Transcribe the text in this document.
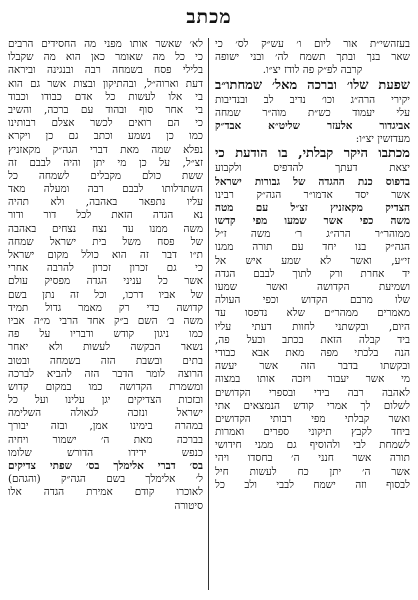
מכתב
בעזהשי״ת אור ליום ו׳ עש״ק לס׳ כי
שאר בנך ובתך תשמח לה׳ ובני ישופה
קרבה לפ״ק פה לודז יצ״ו.
שפעת שלו׳ וברכה מאל׳ שמחתו״ב
יקירי הרה״ג וכו׳ נדיב לב ובנדיבות
עלי יעמוד כש״ת מוה״ר שמחה
אביגדור אלעזר שליט״א אבד״ק
מעדזשין יצ״ו:
מכתבו היקר קבלתי, בו הודעת כי
יצאת דעתך להדפיס ולקבוע
בדפוס כנת ההגדה של גבורות ישראל
אשר יסד אדמו״ר הגה״ק רבינו
הצדיק מקאזניץ זצ״ל עם מטה
משה כפי אשר שמעו מפי קדשו
ממוהר״ר הרה״ג ר׳ משה ז״ל
הגה״ק בנו יחד עם תורה ממנו
זי״ע, ואשר לא שמע איש אל
יד אחרת ורק לתוך לבבם הגדה
ושמיעת הקדושה ואשר שמעו
שלו מרבם הקדוש וכפי העולה
מאמרים ממהר״ם שלא נדפסו עד
היום, ובקשתני לחוות דעתי עליו
ביד קבלה הזאת בכתב ובעל פה,
הנה בלכתי מפה מאת אבא כבודי
ובקשתו בדבר הזה אשר יעשה
מי אשר יעבור ויזכה אותו במצוה
לאהבה רבה בידי ובספרי הקדושים
לשלום לך אמרי קודש הנמצאים אתי
ואשר קבלתי מפי רבותי הקדושים
ביחד לקבץ תיקוני ספרים ואמרות
לשמחת לבי ולהוסיף גם ממני חידושי
תורה אשר חנני ה׳ בחסדו ויהי
אשר ה׳ יתן כח לעשות חיל
לבסוף וזה ישמח לבבי ולב כל
לא׳ שאשר אותו מפני מה החסידים הרבים
כי כל מה שאומר כאן הוא מה שקבלו
בלילי פסח בשמחה רבה ובנגינה וביראה
דעת וארוה״ל, ובהתיקון ובצות אשר גם הוא
בי אלו לעשות כל אדם כבודו וכבוד
בי אחר סוף ובהוד עם ברכה, והשיב
כי הם רואים לכשר אצלם רבותינו
כמו כן נשמע וכתב גם כן ויקרא
נפלא שמה מאת דברי הגה״ק מקאזניץ
זצ״ל, על כן מי יתן והיה לבבם זה
ששת כולם מקבלים לשמחה כל
השתדלותו לבבם רבה ומעלה מאד
עליו נתפאר באהבה, ולא תהיה
נא הגדה הזאת לכל דור ודור
משה ממנו עד נצח נצחים באהבה
של פסח משל בית ישראל שמחה
ת״ו דבר זה הוא כולל מקום ישראל
כי גם זכרון זכרון להרבה אחרי
אשר כל עניני הגדה מפסיק עולם
של אביו דרכו, וכל זה נתן בשם
קדושה כדי רק מאמר גדול תמיד
משה ב׳ השם ב״ק אחד הרבי מ״ה אביו
כמו ניגון קודש ודבריו על פה
נשאר הבקשה לעשות ולא יאחר
בתים ובשבת הזה בשמחה ובטוב
הרוצה לומר הדבר הזה להביא לברכה
ומשמרת הקדושה כמו במקום קדוש
ובזכות הצדיקים יגן עלינו ועל כל
ישראל ונזכה לגאולה השלימה
במהרה בימינו אמן, ובזה יבורך
בברכה מאת ה׳ ישמור ויחיה
כנפש ידידו הדורש שלומו
בס׳ דברי אלימלך בס׳ שפתי צדיקים
ל׳ אלימלך בשם הגה״ק (והגהם)
לאוכרו קודם אמירת הגדה אלו
סיטורה
